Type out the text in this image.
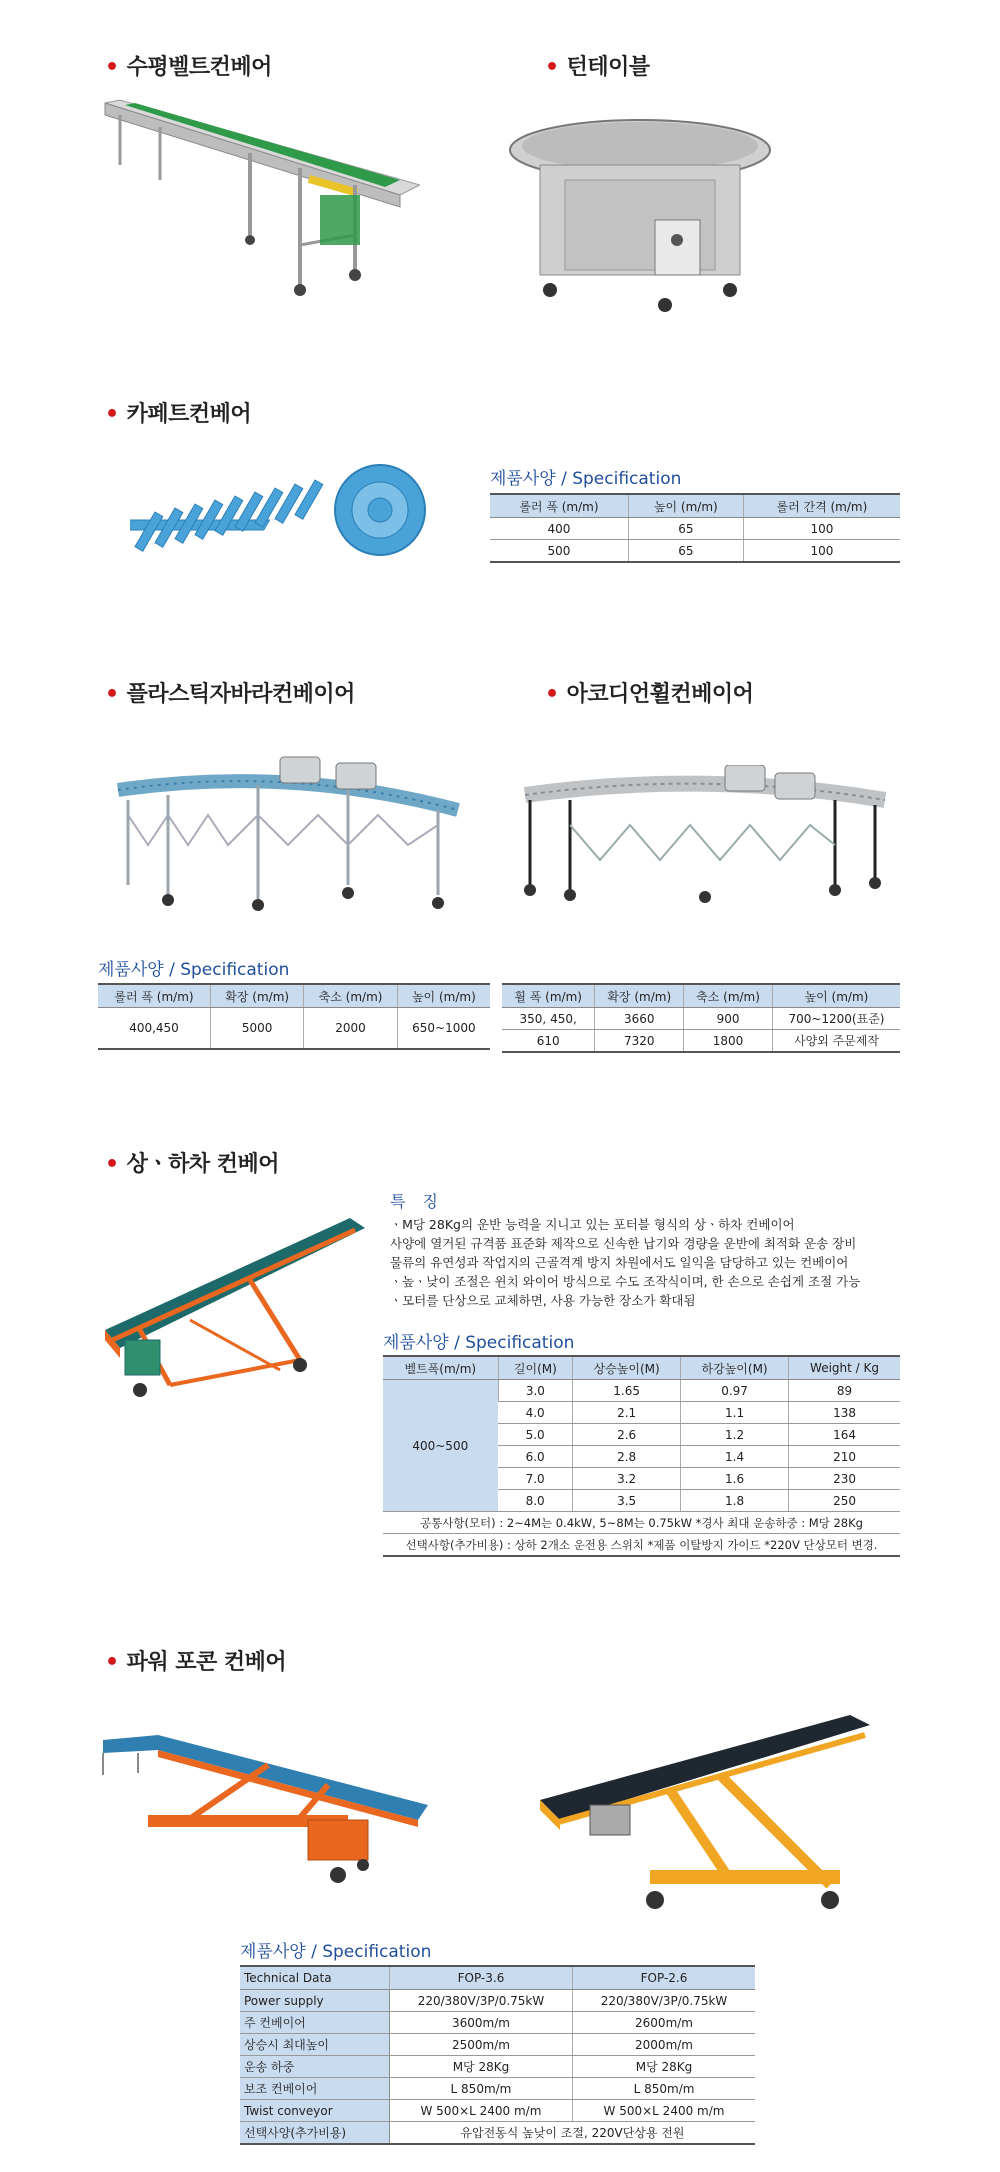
• 수평벨트컨베어	• 턴테이블
• 카페트컨베어
• 플라스틱자바라컨베이어	• 아코디언휠컨베이어
• 상ㆍ하차 컨베어
• 파워 포콘 컨베어
제품사양 / Specification
롤러 폭 (m/m)	높이 (m/m)	롤러 간격 (m/m)
400	65	100
500	65	100
제품사양 / Specification
롤러 폭 (m/m)	확장 (m/m)	축소 (m/m)	높이 (m/m)
400,450	5000	2000	650~1000
휠 폭 (m/m)	확장 (m/m)	축소 (m/m)	높이 (m/m)
350, 450,	3660	900	700~1200(표준)
610	7320	1800	사양외 주문제작
특 징
ㆍM당 28Kg의 운반 능력을 지니고 있는 포터블 형식의 상ㆍ하차 컨베이어
사양에 열거된 규격품 표준화 제작으로 신속한 납기와 경량을 운반에 최적화 운송 장비
물류의 유연성과 작업지의 근골격계 방지 차원에서도 일익을 담당하고 있는 컨베이어
ㆍ높ㆍ낮이 조절은 윈치 와이어 방식으로 수도 조작식이며, 한 손으로 손쉽게 조절 가능
ㆍ모터를 단상으로 교체하면, 사용 가능한 장소가 확대됨
제품사양 / Specification
벨트폭(m/m)	길이(M)	상승높이(M)	하강높이(M)	Weight / Kg
400~500	3.0	1.65	0.97	89
	4.0	2.1	1.1	138
	5.0	2.6	1.2	164
	6.0	2.8	1.4	210
	7.0	3.2	1.6	230
	8.0	3.5	1.8	250
공통사항(모터) : 2~4M는 0.4kW, 5~8M는 0.75kW *경사 최대 운송하중 : M당 28Kg				
선택사항(추가비용) : 상하 2개소 운전용 스위치 *제품 이탈방지 가이드 *220V 단상모터 변경.				
제품사양 / Specification
Technical Data	FOP-3.6	FOP-2.6
Power supply	220/380V/3P/0.75kW	220/380V/3P/0.75kW
주 컨베이어	3600m/m	2600m/m
상승시 최대높이	2500m/m	2000m/m
운송 하중	M당 28Kg	M당 28Kg
보조 컨베이어	L 850m/m	L 850m/m
Twist conveyor	W 500×L 2400 m/m	W 500×L 2400 m/m
선택사양(추가비용)	유압전동식 높낮이 조절, 220V단상용 전원	
